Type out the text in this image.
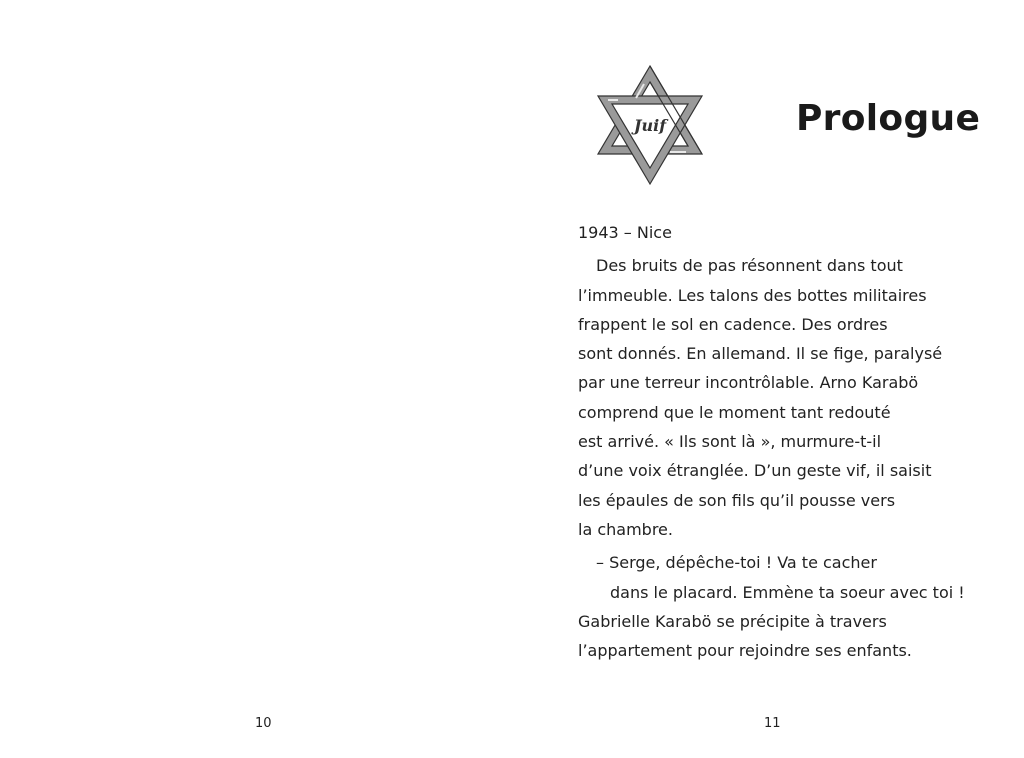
10
Juif	Prologue
1943 – Nice
Des bruits de pas résonnent dans tout
l’immeuble. Les talons des bottes militaires
frappent le sol en cadence. Des ordres
sont donnés. En allemand. Il se fige, paralysé
par une terreur incontrôlable. Arno Karabö
comprend que le moment tant redouté
est arrivé. « Ils sont là », murmure-t-il
d’une voix étranglée. D’un geste vif, il saisit
les épaules de son fils qu’il pousse vers
la chambre.
– Serge, dépêche-toi ! Va te cacher
dans le placard. Emmène ta soeur avec toi !
Gabrielle Karabö se précipite à travers
l’appartement pour rejoindre ses enfants.
11
